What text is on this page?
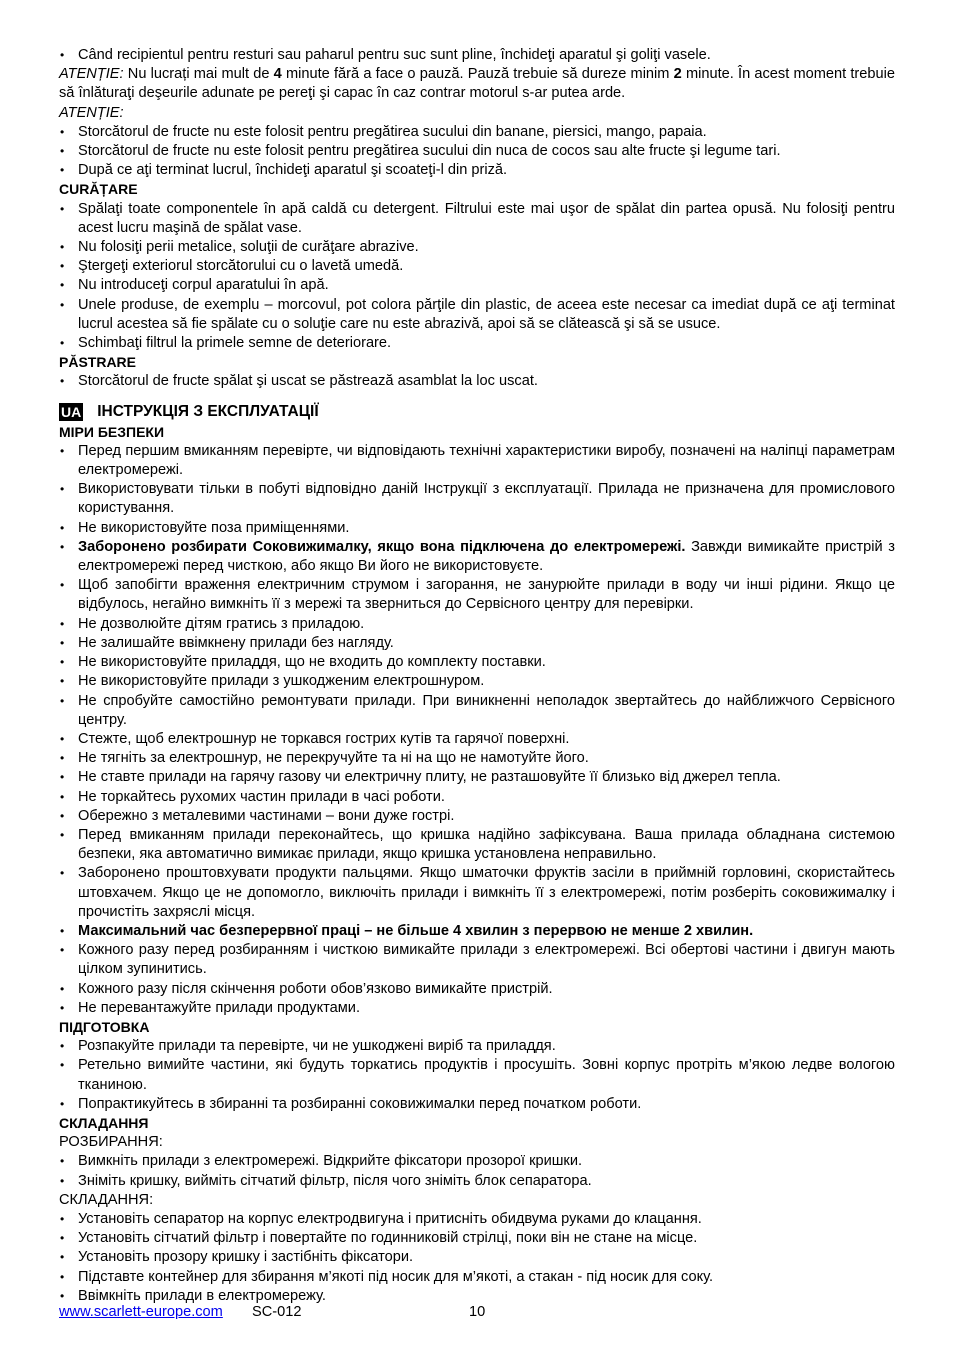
• Când recipientul pentru resturi sau paharul pentru suc sunt pline, închideţi aparatul şi goliţi vasele.
ATENȚIE: Nu lucrați mai mult de 4 minute fără a face o pauză. Pauză trebuie să dureze minim 2 minute. În acest moment trebuie să înlăturaţi deşeurile adunate pe pereţi şi capac în caz contrar motorul s-ar putea arde.
ATENȚIE:
• Storcătorul de fructe nu este folosit pentru pregătirea sucului din banane, piersici, mango, papaia.
• Storcătorul de fructe nu este folosit pentru pregătirea sucului din nuca de cocos sau alte fructe şi legume tari.
• După ce aţi terminat lucrul, închideţi aparatul şi scoateţi-l din priză.
CURĂȚARE
• Spălaţi toate componentele în apă caldă cu detergent. Filtrului este mai uşor de spălat din partea opusă. Nu folosiţi pentru acest lucru maşină de spălat vase.
• Nu folosiţi perii metalice, soluţii de curăţare abrazive.
• Ştergeţi exteriorul storcătorului cu o lavetă umedă.
• Nu introduceţi corpul aparatului în apă.
• Unele produse, de exemplu – morcovul, pot colora părţile din plastic, de aceea este necesar ca imediat după ce aţi terminat lucrul acestea să fie spălate cu o soluţie care nu este abrazivă, apoi să se clătească şi să se usuce.
• Schimbaţi filtrul la primele semne de deteriorare.
PĂSTRARE
• Storcătorul de fructe spălat şi uscat se păstrează asamblat la loc uscat.
UA ІНСТРУКЦІЯ З ЕКСПЛУАТАЦІЇ
МІРИ БЕЗПЕКИ
• Перед першим вмиканням перевірте, чи відповідають технічні характеристики виробу, позначені на наліпці параметрам електромережі.
• Використовувати тільки в побуті відповідно даній Інструкції з експлуатації. Прилада не призначена для промислового користування.
• Не використовуйте поза приміщеннями.
• Заборонено розбирати Соковижималку, якщо вона підключена до електромережі. Завжди вимикайте пристрій з електромережі перед чисткою, або якщо Ви його не використовуєте.
• Щоб запобігти враження електричним струмом і загорання, не занурюйте прилади в воду чи інші рідини. Якщо це відбулось, негайно вимкніть її з мережі та зверниться до Сервісного центру для перевірки.
• Не дозволюйте дітям гратись з приладою.
• Не залишайте ввімкнену прилади без нагляду.
• Не використовуйте приладдя, що не входить до комплекту поставки.
• Не використовуйте прилади з ушкодженим електрошнуром.
• Не спробуйте самостійно ремонтувати прилади. При виникненні неполадок звертайтесь до найближчого Сервісного центру.
• Стежте, щоб електрошнур не торкався гострих кутів та гарячої поверхні.
• Не тягніть за електрошнур, не перекручуйте та ні на що не намотуйте його.
• Не ставте прилади на гарячу газову чи електричну плиту, не разташовуйте її близько від джерел тепла.
• Не торкайтесь рухомих частин прилади в часі роботи.
• Обережно з металевими частинами – вони дуже гострі.
• Перед вмиканням прилади переконайтесь, що кришка надійно зафіксувана. Ваша прилада обладнана системою безпеки, яка автоматично вимикає прилади, якщо кришка установлена неправильно.
• Заборонено проштовхувати продукти пальцями. Якщо шматочки фруктів засіли в приймній горловині, скористайтесь штовхачем. Якщо це не допомогло, виключіть прилади і вимкніть її з електромережі, потім розберіть соковижималку і прочистіть захряслі місця.
• Максимальний час безперервної праці – не більше 4 хвилин з перервою не менше 2 хвилин.
• Кожного разу перед розбиранням і чисткою вимикайте прилади з електромережі. Всі обертові частини і двигун мають цілком зупинитись.
• Кожного разу після скінчення роботи обов’язково вимикайте пристрій.
• Не перевантажуйте прилади продуктами.
ПІДГОТОВКА
• Розпакуйте прилади та перевірте, чи не ушкоджені виріб та приладдя.
• Ретельно вимийте частини, які будуть торкатись продуктів і просушіть. Зовні корпус протріть м’якою ледве вологою тканиною.
• Попрактикуйтесь в збиранні та розбиранні соковижималки перед початком роботи.
СКЛАДАННЯ
РОЗБИРАННЯ:
• Вимкніть прилади з електромережі. Відкрийте фіксатори прозорої кришки.
• Зніміть кришку, вийміть сітчатий фільтр, після чого зніміть блок сепаратора.
СКЛАДАННЯ:
• Установіть сепаратор на корпус електродвигуна і притисніть обидвума руками до клацання.
• Установіть сітчатий фільтр і повертайте по годинниковій стрілці, поки він не стане на місце.
• Установіть прозору кришку і застібніть фіксатори.
• Підставте контейнер для збирання м’якоті під носик для м’якоті, а стакан - під носик для соку.
• Ввімкніть прилади в електромережу.
www.scarlett-europe.com SC-012	10
